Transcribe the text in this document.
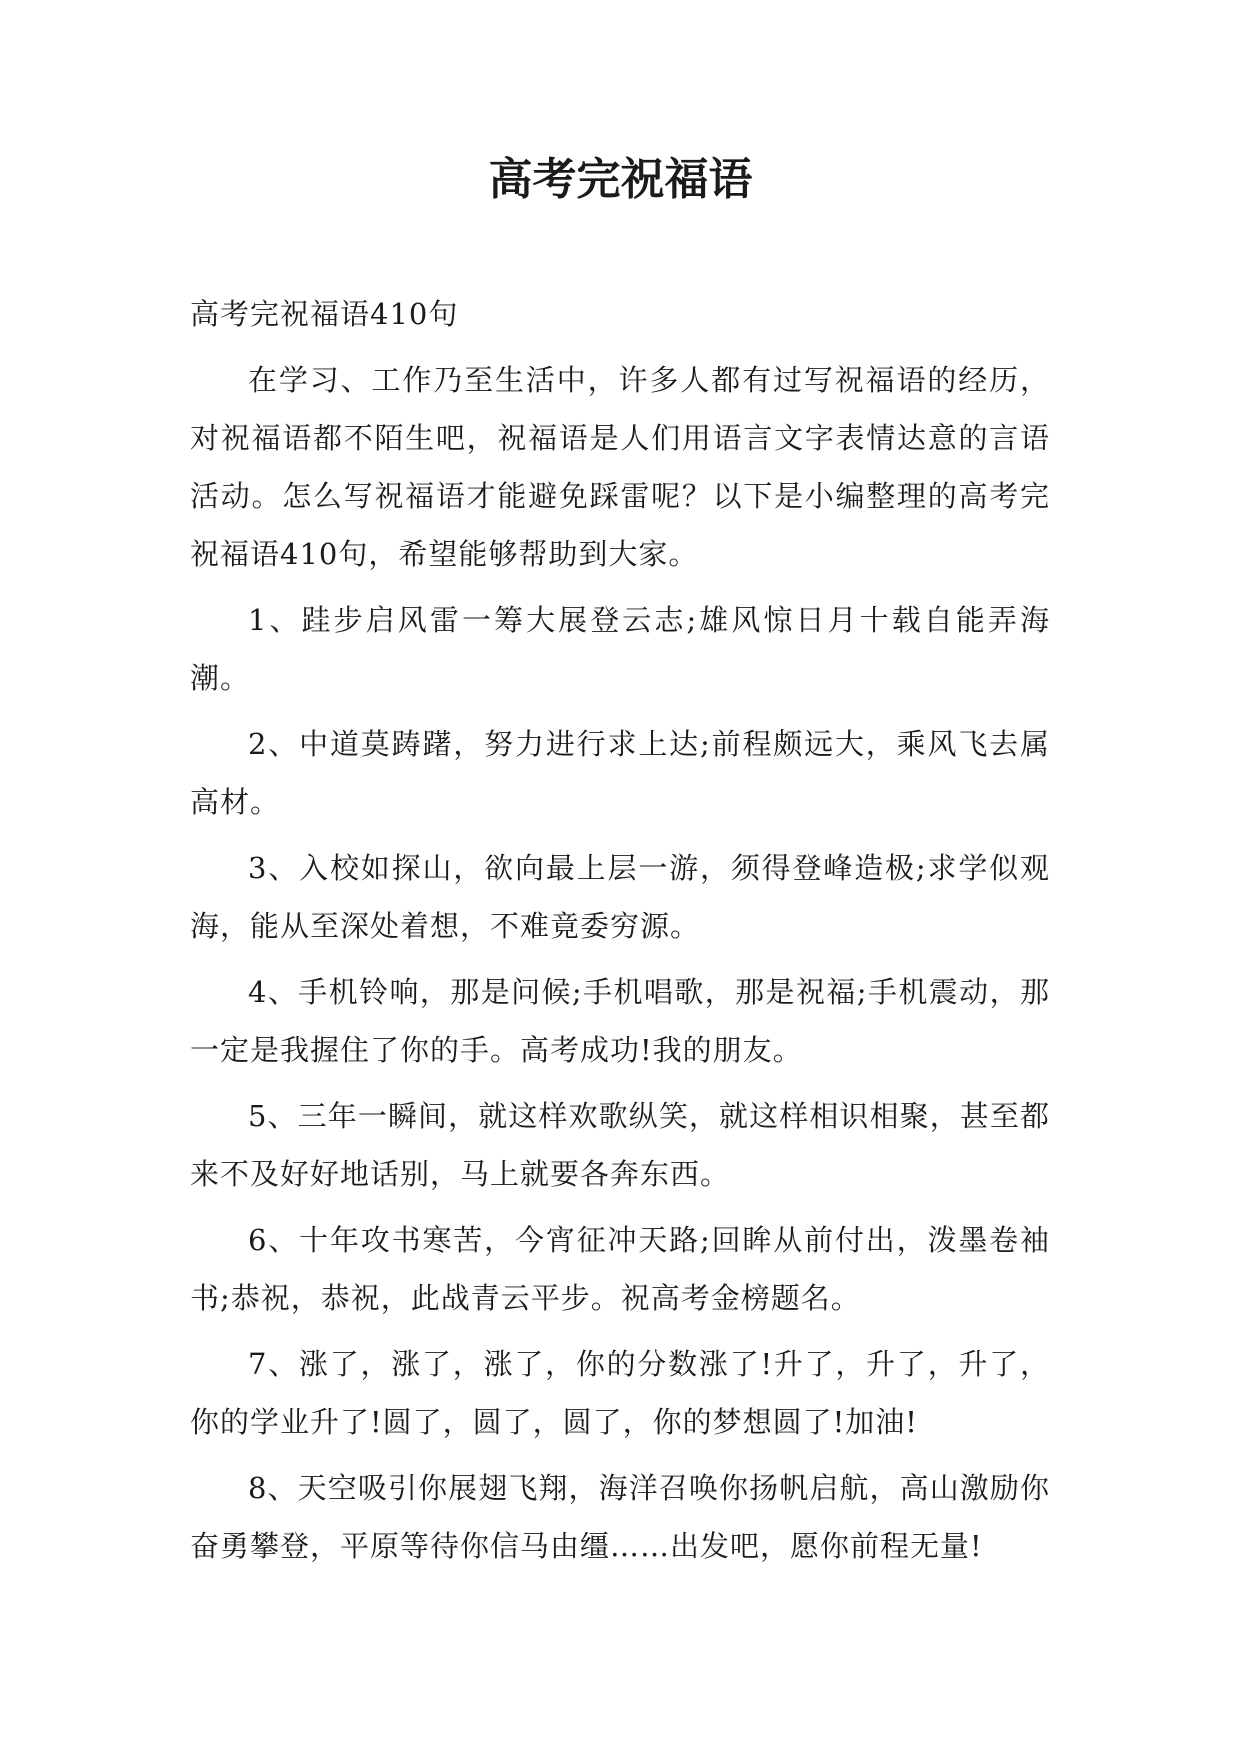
高考完祝福语

高考完祝福语410句

在学习、工作乃至生活中，许多人都有过写祝福语的经历，对祝福语都不陌生吧，祝福语是人们用语言文字表情达意的言语活动。怎么写祝福语才能避免踩雷呢？以下是小编整理的高考完祝福语410句，希望能够帮助到大家。

1、跬步启风雷一筹大展登云志;雄风惊日月十载自能弄海潮。

2、中道莫踌躇，努力进行求上达;前程颇远大，乘风飞去属高材。

3、入校如探山，欲向最上层一游，须得登峰造极;求学似观海，能从至深处着想，不难竟委穷源。

4、手机铃响，那是问候;手机唱歌，那是祝福;手机震动，那一定是我握住了你的手。高考成功!我的朋友。

5、三年一瞬间，就这样欢歌纵笑，就这样相识相聚，甚至都来不及好好地话别，马上就要各奔东西。

6、十年攻书寒苦，今宵征冲天路;回眸从前付出，泼墨卷袖书;恭祝，恭祝，此战青云平步。祝高考金榜题名。

7、涨了，涨了，涨了，你的分数涨了!升了，升了，升了，你的学业升了!圆了，圆了，圆了，你的梦想圆了!加油!

8、天空吸引你展翅飞翔，海洋召唤你扬帆启航，高山激励你奋勇攀登，平原等待你信马由缰……出发吧，愿你前程无量!
